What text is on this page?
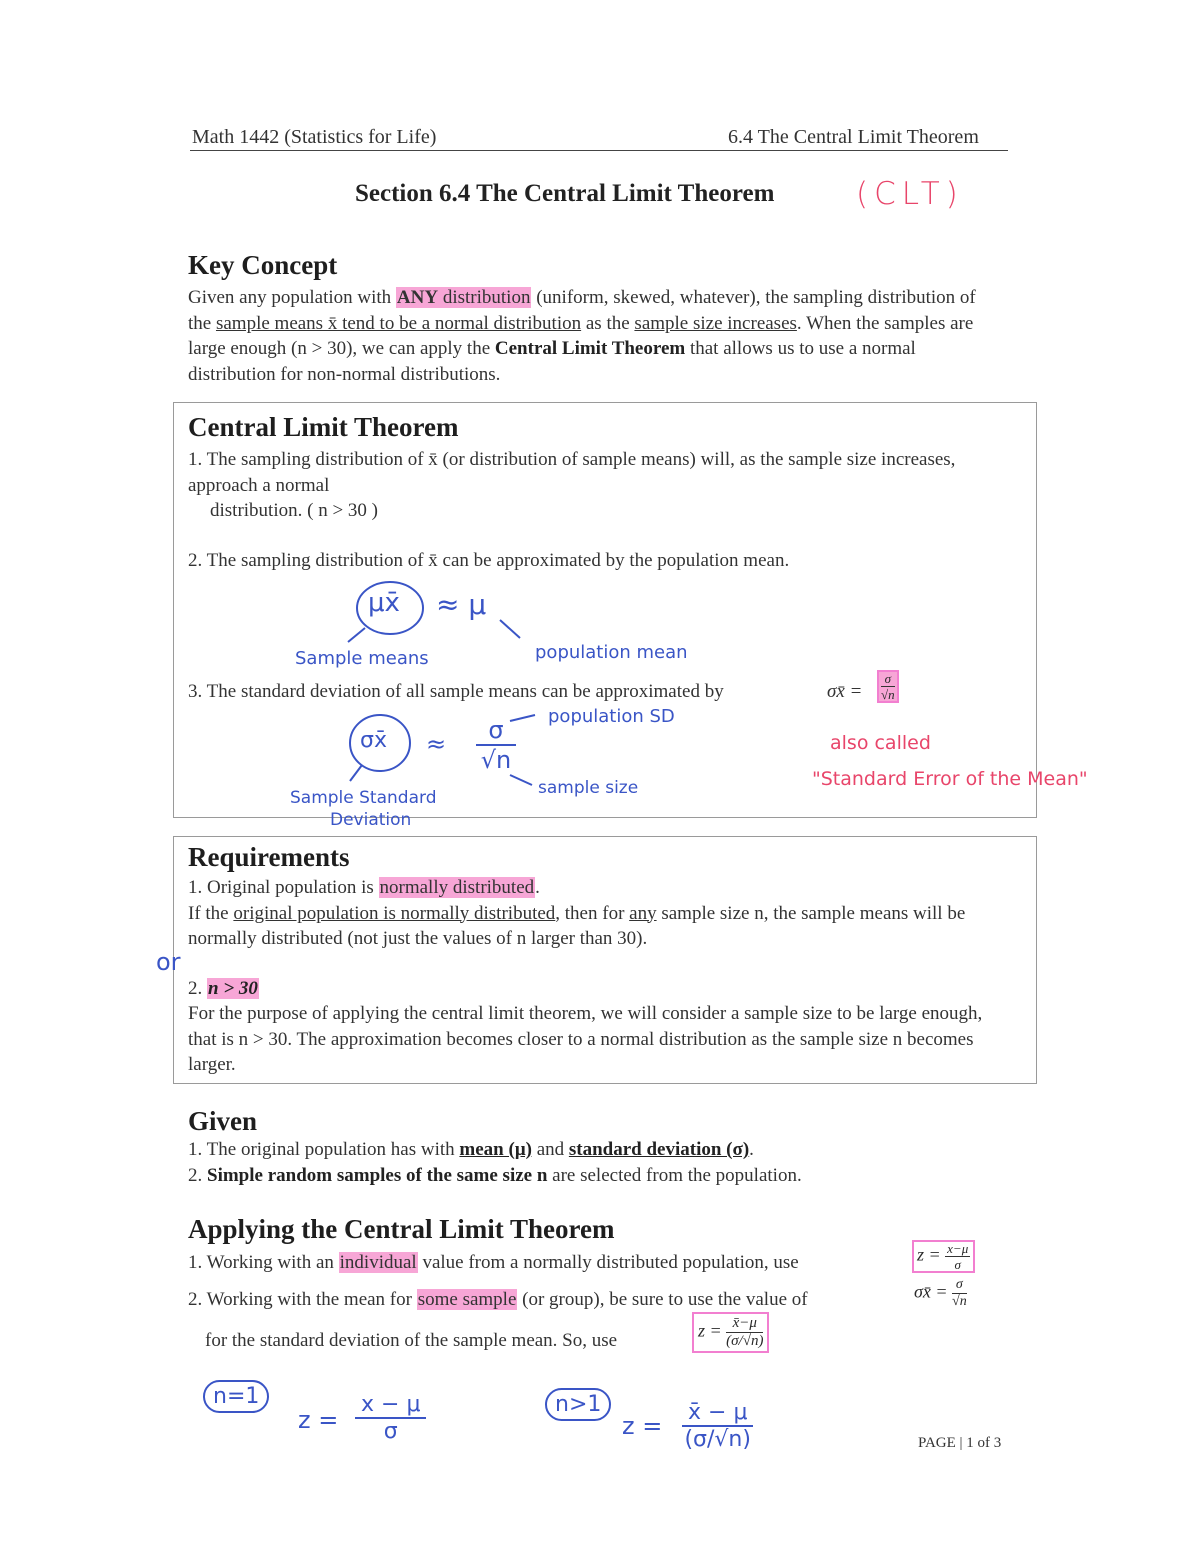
Math 1442 (Statistics for Life)	6.4 The Central Limit Theorem
Section 6.4 The Central Limit Theorem	(CLT)
Key Concept
Given any population with ANY distribution (uniform, skewed, whatever), the sampling distribution of the sample means x̄ tend to be a normal distribution as the sample size increases. When the samples are large enough (n > 30), we can apply the Central Limit Theorem that allows us to use a normal distribution for non-normal distributions.
Central Limit Theorem
1. The sampling distribution of x̄ (or distribution of sample means) will, as the sample size increases, approach a normal
distribution. ( n > 30 )
2. The sampling distribution of x̄ can be approximated by the population mean.
μx̄ ≈ μ
Sample means	population mean
3. The standard deviation of all sample means can be approximated by	σx̄ = $\frac{\sigma}{√n}$
σx̄ ≈ $\frac{\sigma}{√n}$ population SD
sample size
Sample Standard
Deviation
also called
"Standard Error of the Mean"
Requirements
1. Original population is normally distributed.
If the original population is normally distributed, then for any sample size n, the sample means will be normally distributed (not just the values of n larger than 30).
2. n > 30
For the purpose of applying the central limit theorem, we will consider a sample size to be large enough, that is n > 30. The approximation becomes closer to a normal distribution as the sample size n becomes larger.
or
Given
1. The original population has with mean (μ) and standard deviation (σ).
2. Simple random samples of the same size n are selected from the population.
Applying the Central Limit Theorem
1. Working with an individual value from a normally distributed population, use	$z = \frac{x-\mu}{\sigma}$
2. Working with the mean for some sample (or group), be sure to use the value of	σx̄ = $\frac{\sigma}{√n}$
for the standard deviation of the sample mean. So, use	$z = \frac{x̄-\mu}{(\sigma/√n)}$
n=1
$z = \frac{x - \mu}{\sigma}$	n>1
$z = \frac{x̄ - \mu}{(\sigma/√n)}$	PAGE | 1 of 3
